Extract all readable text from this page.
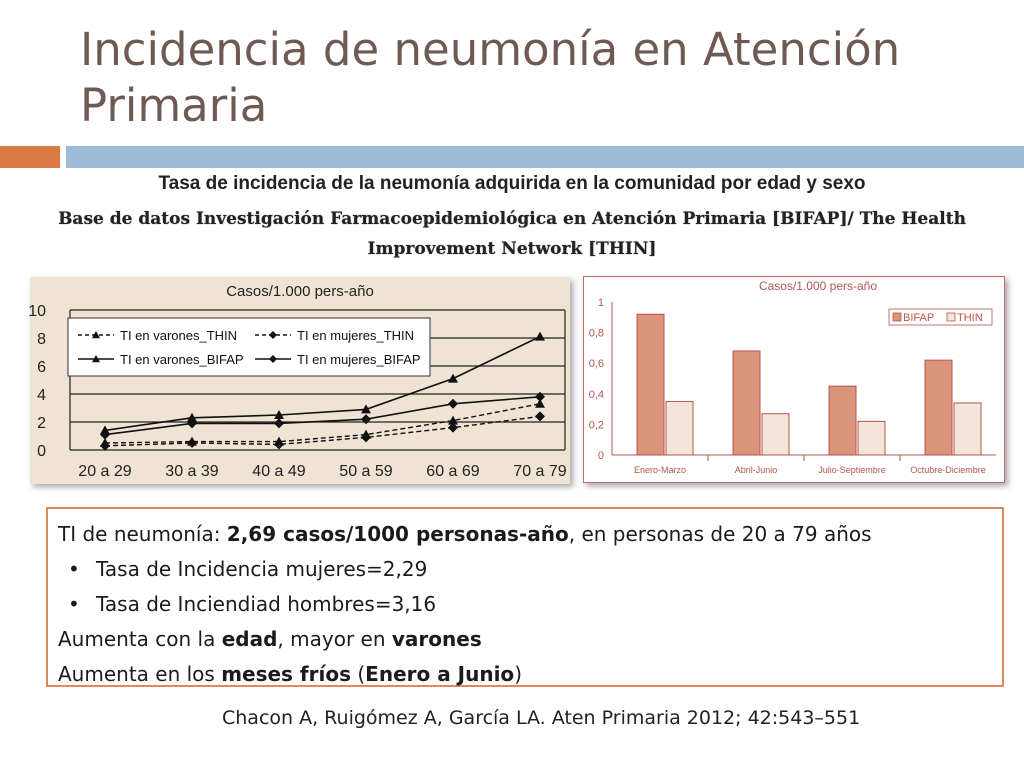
Incidencia de neumonía en Atención Primaria
Tasa de incidencia de la neumonía adquirida en la comunidad por edad y sexo
Base de datos Investigación Farmacoepidemiológica en Atención Primaria [BIFAP]/ The Health Improvement Network [THIN]
Casos/1.000 pers-año
0
2
4
6
8
10
20 a 29 30 a 39 40 a 49 50 a 59 60 a 69 70 a 79
TI en varones_THIN	TI en mujeres_THIN
TI en varones_BIFAP	TI en mujeres_BIFAP
Casos/1.000 pers-año
0
0,2
0,4
0,6
0,8
1
Enero-Marzo	Abril-Junio	Julio-Septiembre	Octubre-Diciembre
BIFAP THIN
TI de neumonía: 2,69 casos/1000 personas-año, en personas de 20 a 79 años
• Tasa de Incidencia mujeres=2,29
• Tasa de Inciendiad hombres=3,16
Aumenta con la edad, mayor en varones
Aumenta en los meses fríos (Enero a Junio)
Chacon A, Ruigómez A, García LA. Aten Primaria 2012; 42:543–551
